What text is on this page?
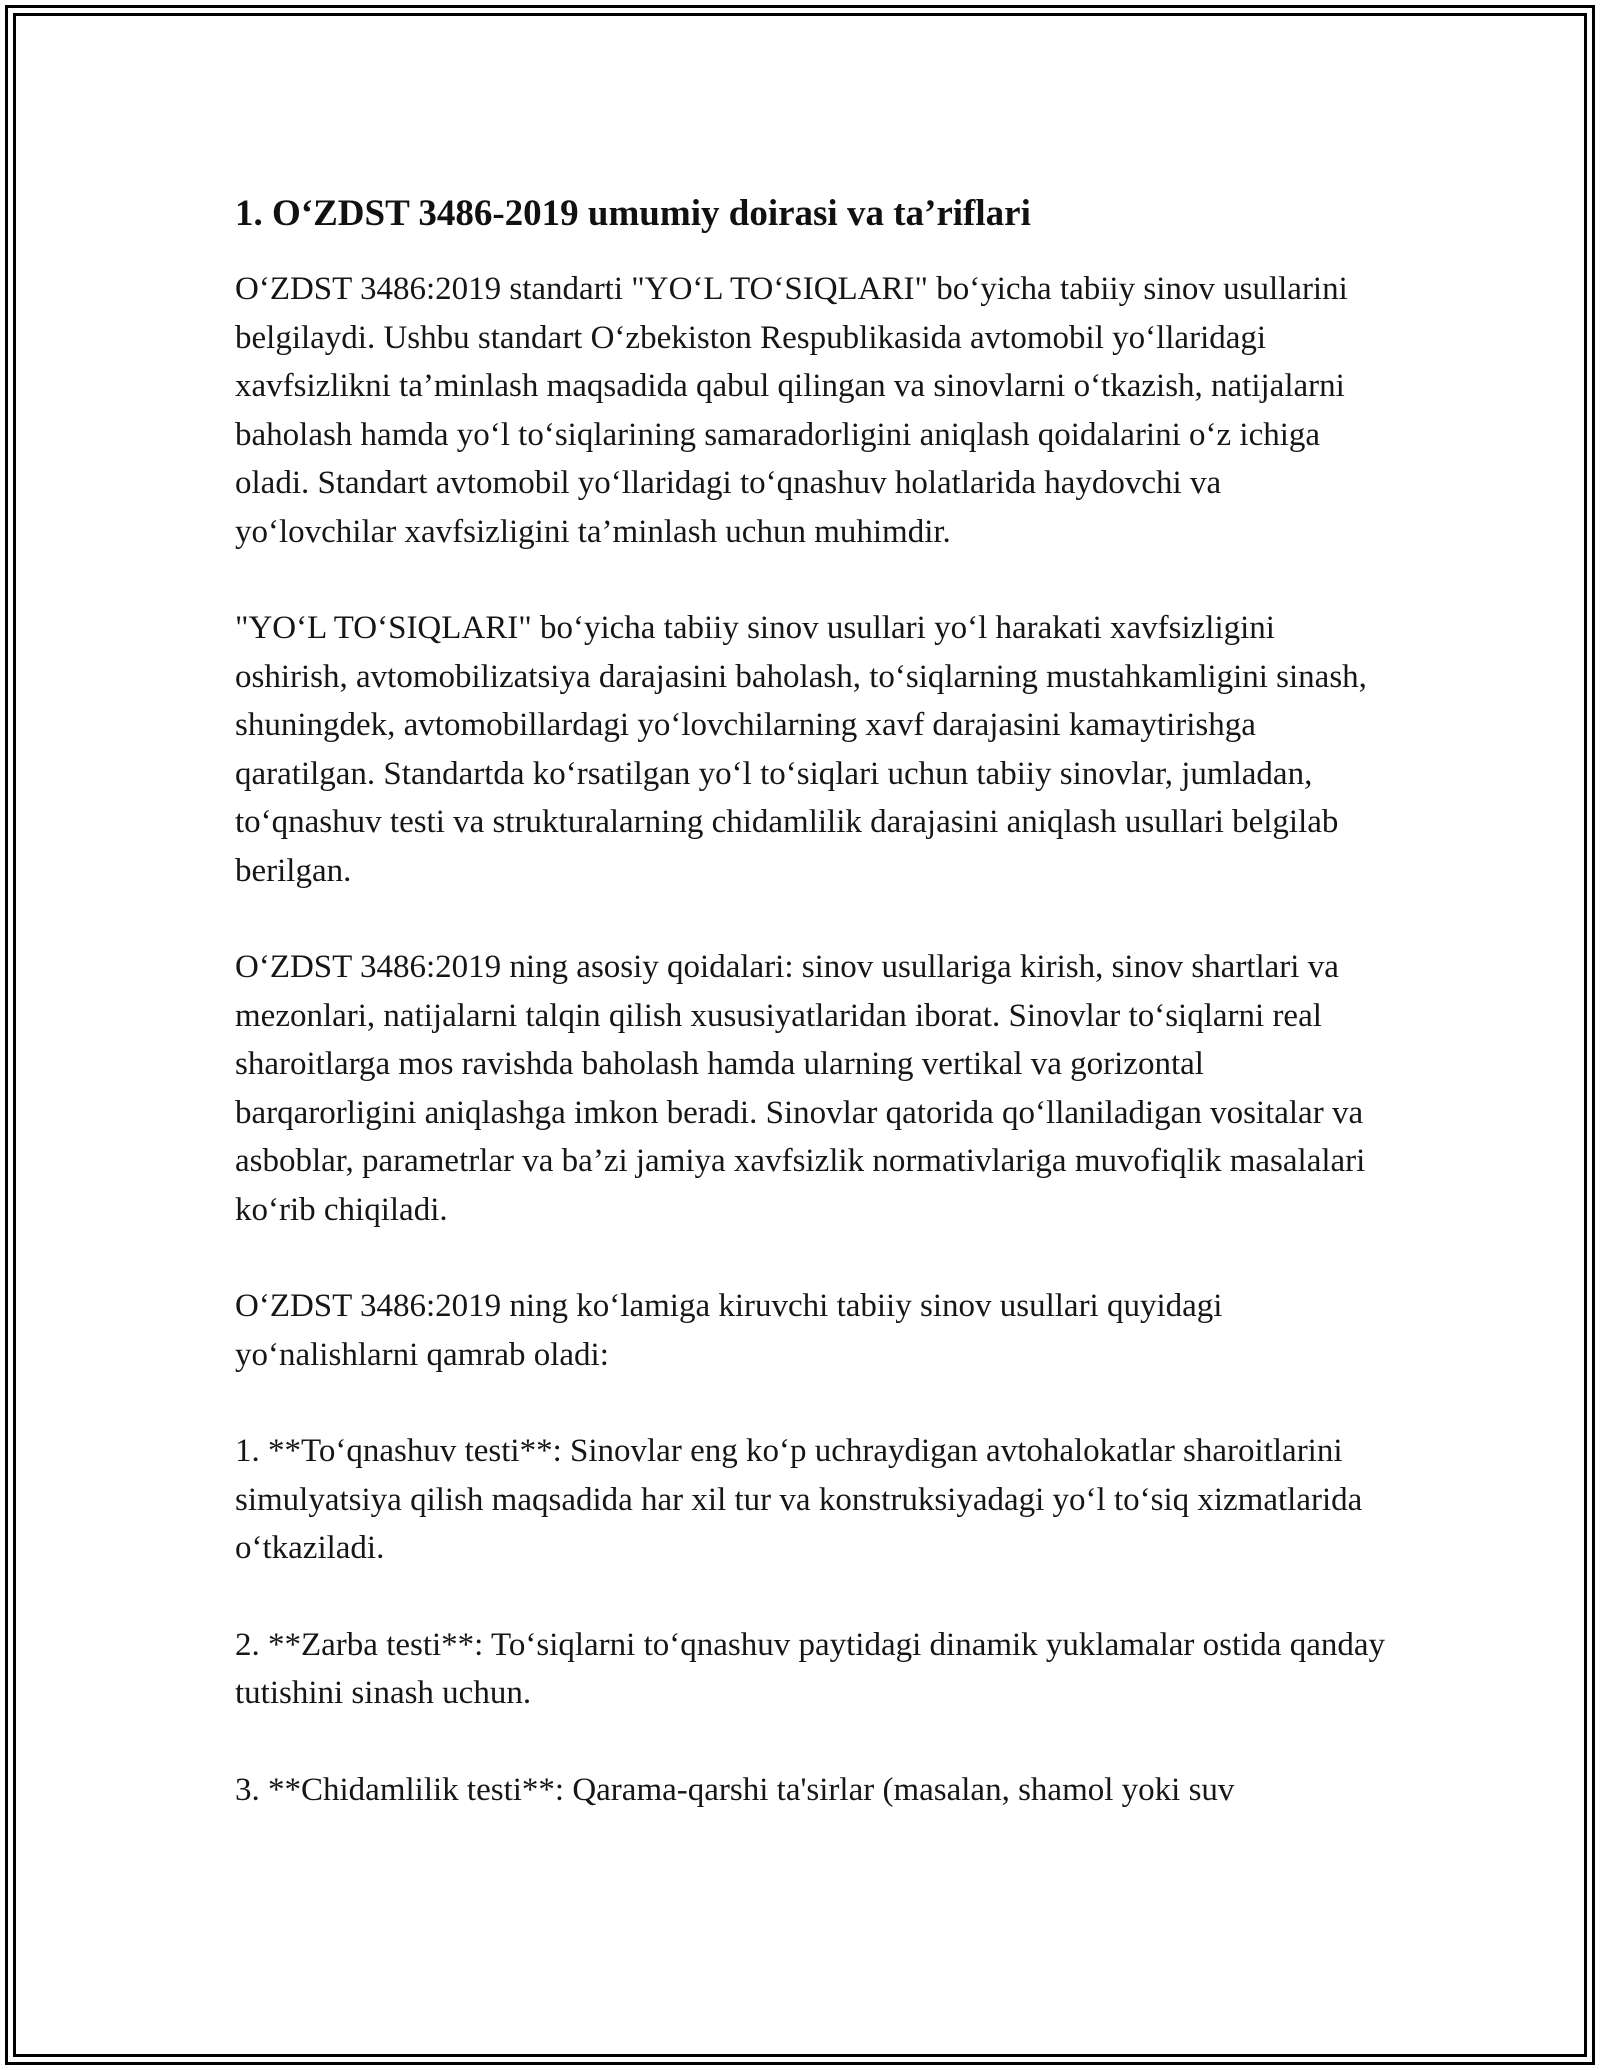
1. O‘ZDST 3486-2019 umumiy doirasi va ta’riflari

O‘ZDST 3486:2019 standarti "YO‘L TO‘SIQLARI" bo‘yicha tabiiy sinov usullarini belgilaydi. Ushbu standart O‘zbekiston Respublikasida avtomobil yo‘llaridagi xavfsizlikni ta’minlash maqsadida qabul qilingan va sinovlarni o‘tkazish, natijalarni baholash hamda yo‘l to‘siqlarining samaradorligini aniqlash qoidalarini o‘z ichiga oladi. Standart avtomobil yo‘llaridagi to‘qnashuv holatlarida haydovchi va yo‘lovchilar xavfsizligini ta’minlash uchun muhimdir.

"YO‘L TO‘SIQLARI" bo‘yicha tabiiy sinov usullari yo‘l harakati xavfsizligini oshirish, avtomobilizatsiya darajasini baholash, to‘siqlarning mustahkamligini sinash, shuningdek, avtomobillardagi yo‘lovchilarning xavf darajasini kamaytirishga qaratilgan. Standartda ko‘rsatilgan yo‘l to‘siqlari uchun tabiiy sinovlar, jumladan, to‘qnashuv testi va strukturalarning chidamlilik darajasini aniqlash usullari belgilab berilgan.

O‘ZDST 3486:2019 ning asosiy qoidalari: sinov usullariga kirish, sinov shartlari va mezonlari, natijalarni talqin qilish xususiyatlaridan iborat. Sinovlar to‘siqlarni real sharoitlarga mos ravishda baholash hamda ularning vertikal va gorizontal barqarorligini aniqlashga imkon beradi. Sinovlar qatorida qo‘llaniladigan vositalar va asboblar, parametrlar va ba’zi jamiya xavfsizlik normativlariga muvofiqlik masalalari ko‘rib chiqiladi.

O‘ZDST 3486:2019 ning ko‘lamiga kiruvchi tabiiy sinov usullari quyidagi yo‘nalishlarni qamrab oladi:

1. **To‘qnashuv testi**: Sinovlar eng ko‘p uchraydigan avtohalokatlar sharoitlarini simulyatsiya qilish maqsadida har xil tur va konstruksiyadagi yo‘l to‘siq xizmatlarida o‘tkaziladi.

2. **Zarba testi**: To‘siqlarni to‘qnashuv paytidagi dinamik yuklamalar ostida qanday tutishini sinash uchun.

3. **Chidamlilik testi**: Qarama-qarshi ta'sirlar (masalan, shamol yoki suv
